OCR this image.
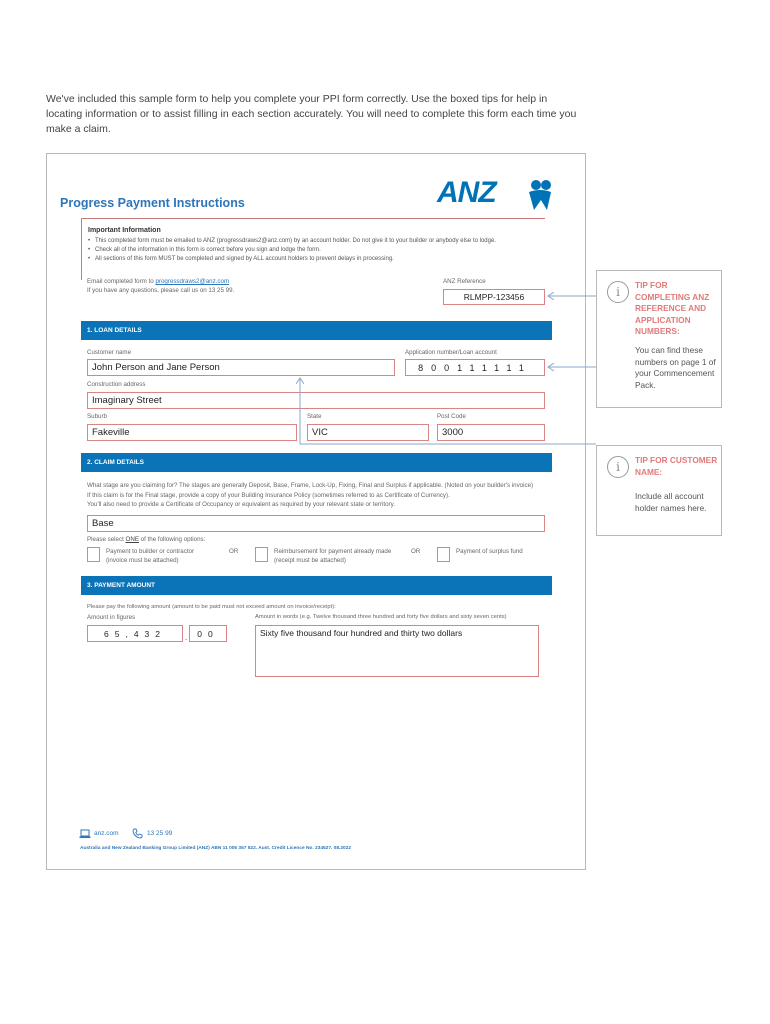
We've included this sample form to help you complete your PPI form correctly. Use the boxed tips for help in locating information or to assist filling in each section accurately. You will need to complete this form each time you make a claim.

Progress Payment Instructions	ANZ
Important Information
• This completed form must be emailed to ANZ (progressdraws2@anz.com) by an account holder. Do not give it to your builder or anybody else to lodge.
• Check all of the information in this form is correct before you sign and lodge the form.
• All sections of this form MUST be completed and signed by ALL account holders to prevent delays in processing.
Email completed form to progressdraws2@anz.com
If you have any questions, please call us on 13 25 99.
ANZ Reference
RLMPP-123456
1. LOAN DETAILS
Customer name
John Person and Jane Person
Application number/Loan account
800111111
Construction address
Imaginary Street
Suburb
Fakeville
State
VIC
Post Code
3000
2. CLAIM DETAILS
What stage are you claiming for? The stages are generally Deposit, Base, Frame, Lock-Up, Fixing, Final and Surplus if applicable. (Noted on your builder's invoice)
If this claim is for the Final stage, provide a copy of your Building Insurance Policy (sometimes referred to as Certificate of Currency).
You'll also need to provide a Certificate of Occupancy or equivalent as required by your relevant state or territory.
Base
Please select ONE of the following options:
Payment to builder or contractor (invoice must be attached)
OR	Reimbursement for payment already made (receipt must be attached)
OR	Payment of surplus fund
3. PAYMENT AMOUNT
Please pay the following amount (amount to be paid must not exceed amount on invoice/receipt):
Amount in figures	Amount in words (e.g. Twelve thousand three hundred and forty five dollars and sixty seven cents)
65,432	.	00	Sixty five thousand four hundred and thirty two dollars
anz.com	13 25 99
Australia and New Zealand Banking Group Limited (ANZ) ABN 11 005 357 522. Aust. Credit Licence No. 234527. 08.2022
i	TIP FOR COMPLETING ANZ REFERENCE AND APPLICATION NUMBERS:
You can find these numbers on page 1 of your Commencement Pack.
i	TIP FOR CUSTOMER NAME:
Include all account holder names here.
